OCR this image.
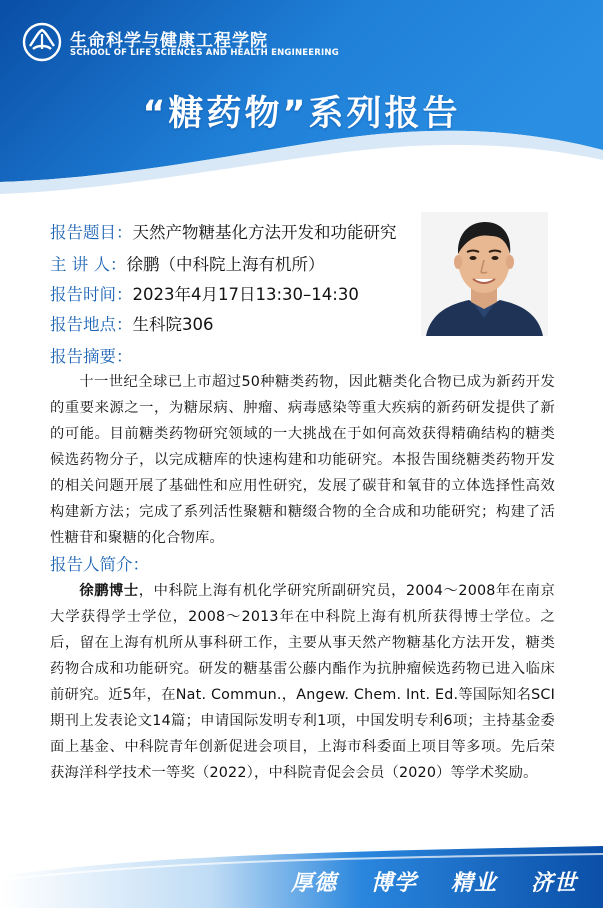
生命科学与健康工程学院
SCHOOL OF LIFE SCIENCES AND HEALTH ENGINEERING
“糖药物”系列报告
报告题目：天然产物糖基化方法开发和功能研究
主 讲 人：徐鹏（中科院上海有机所）
报告时间：2023年4月17日13:30–14:30
报告地点：生科院306
报告摘要：
十一世纪全球已上市超过50种糖类药物，因此糖类化合物已成为新药开发的重要来源之一，为糖尿病、肿瘤、病毒感染等重大疾病的新药研发提供了新的可能。目前糖类药物研究领域的一大挑战在于如何高效获得精确结构的糖类候选药物分子，以完成糖库的快速构建和功能研究。本报告围绕糖类药物开发的相关问题开展了基础性和应用性研究，发展了碳苷和氧苷的立体选择性高效构建新方法；完成了系列活性聚糖和糖缀合物的全合成和功能研究；构建了活性糖苷和聚糖的化合物库。
报告人简介：
徐鹏博士，中科院上海有机化学研究所副研究员，2004～2008年在南京大学获得学士学位，2008～2013年在中科院上海有机所获得博士学位。之后，留在上海有机所从事科研工作，主要从事天然产物糖基化方法开发，糖类药物合成和功能研究。研发的糖基雷公藤内酯作为抗肿瘤候选药物已进入临床前研究。近5年，在Nat. Commun.，Angew. Chem. Int. Ed.等国际知名SCI期刊上发表论文14篇；申请国际发明专利1项，中国发明专利6项；主持基金委面上基金、中科院青年创新促进会项目，上海市科委面上项目等多项。先后荣获海洋科学技术一等奖（2022），中科院青促会会员（2020）等学术奖励。
厚德 博学 精业 济世
